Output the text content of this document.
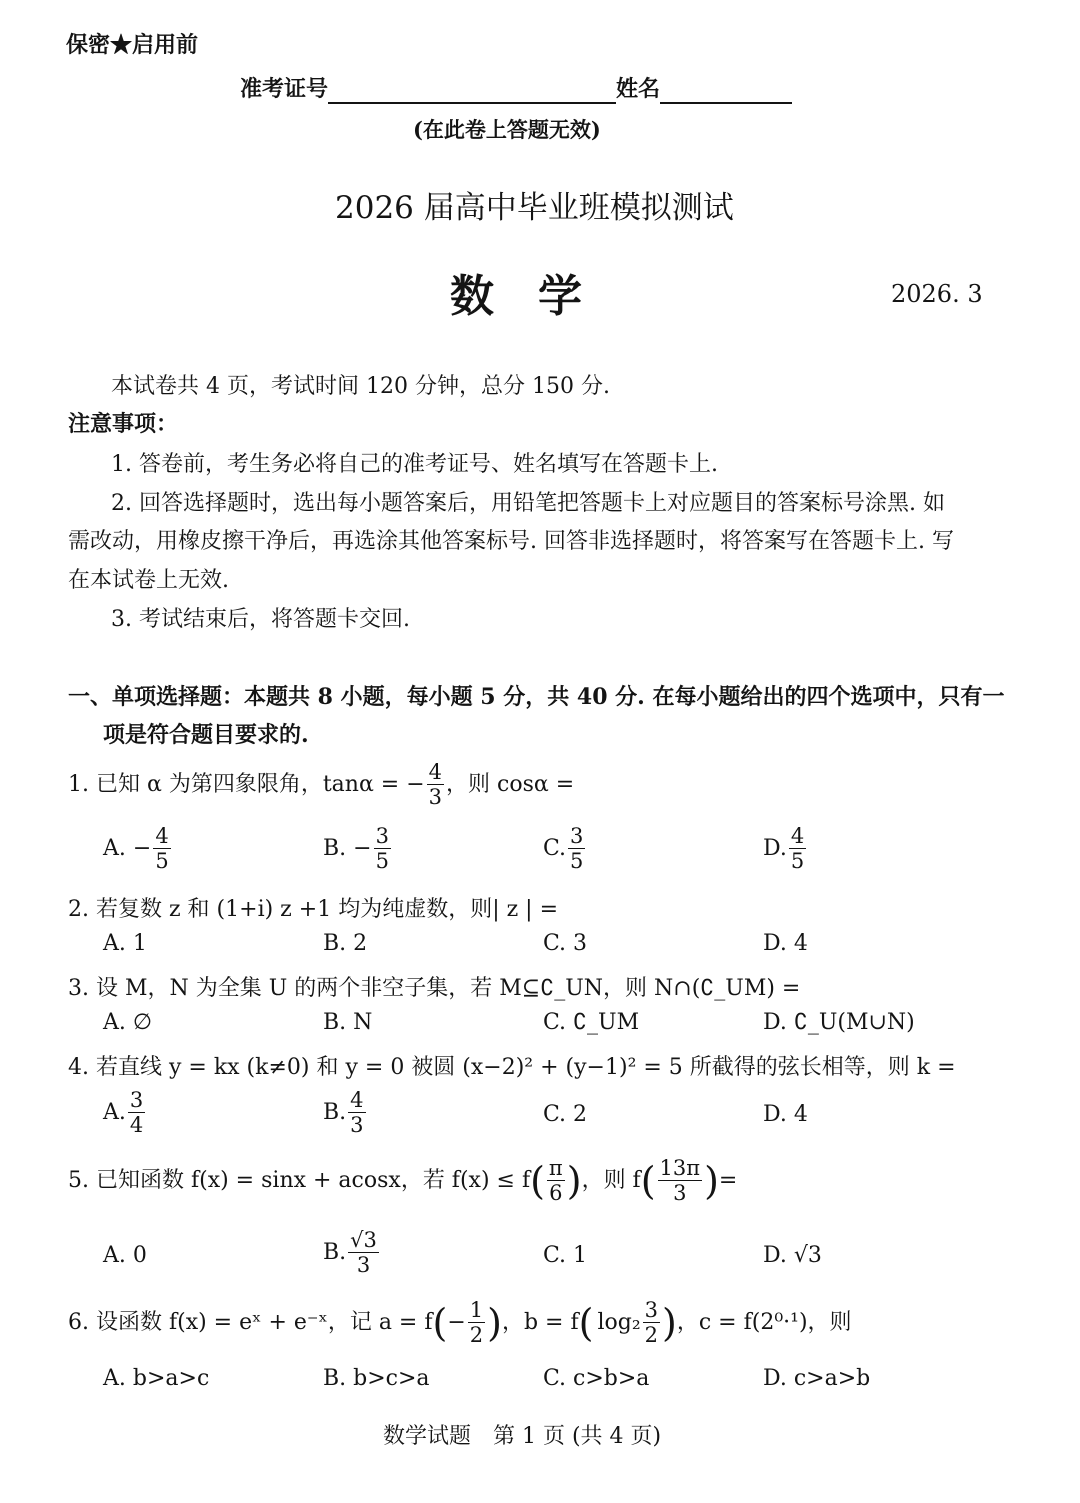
保密★启用前
准考证号	姓名
(在此卷上答题无效)
2026 届高中毕业班模拟测试
数　学	2026. 3
本试卷共 4 页，考试时间 120 分钟，总分 150 分.
注意事项：
1. 答卷前，考生务必将自己的准考证号、姓名填写在答题卡上.
2. 回答选择题时，选出每小题答案后，用铅笔把答题卡上对应题目的答案标号涂黑. 如
需改动，用橡皮擦干净后，再选涂其他答案标号. 回答非选择题时，将答案写在答题卡上. 写
在本试卷上无效.
3. 考试结束后，将答题卡交回.
一、单项选择题：本题共 8 小题，每小题 5 分，共 40 分. 在每小题给出的四个选项中，只有一
项是符合题目要求的.
1. 已知 α 为第四象限角，tanα = − $\frac{4}{3}$ ，则 cosα =
A. − $\frac{4}{5}$	B. − $\frac{3}{5}$	C. $\frac{3}{5}$	D. $\frac{4}{5}$
2. 若复数 z 和 (1+i) z +1 均为纯虚数，则| z | =
A. 1	B. 2	C. 3	D. 4
3. 设 M，N 为全集 U 的两个非空子集，若 M⊆∁_UN，则 N∩(∁_UM) =
A. ∅	B. N	C. ∁_UM	D. ∁_U(M∪N)
4. 若直线 y = kx (k≠0) 和 y = 0 被圆 (x−2)² + (y−1)² = 5 所截得的弦长相等，则 k =
A. $\frac{3}{4}$	B. $\frac{4}{3}$	C. 2	D. 4
5. 已知函数 f(x) = sinx + acosx，若 $f(x) \le f( \frac{\pi}{6}$ )，则 $f( \frac{13\pi}{3}$ )=
A. 0	B. $\frac{√3}{3}$	C. 1	D. √3
6. 设函数 f(x) = eˣ + e⁻ˣ，记 $a = f(- \frac{1}{2}$ )，b = f( $\log_2 \frac{3}{2}$ )，c = f(2⁰·¹)，则
A. b>a>c	B. b>c>a	C. c>b>a	D. c>a>b
数学试题　第 1 页 (共 4 页)
